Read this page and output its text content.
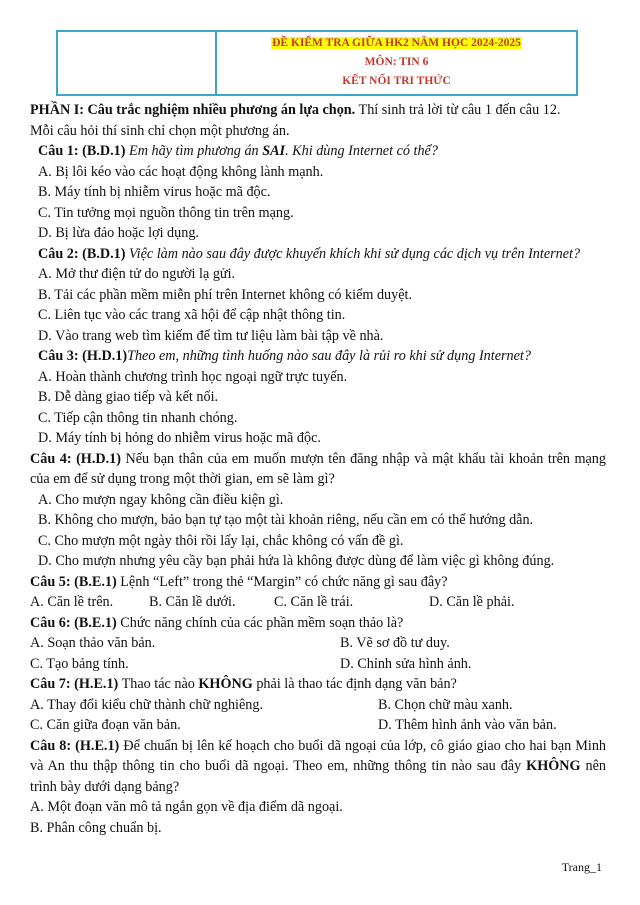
ĐỀ KIỂM TRA GIỮA HK2 NĂM HỌC 2024-2025
MÔN: TIN 6
KẾT NỐI TRI THỨC
PHẦN I: Câu trắc nghiệm nhiều phương án lựa chọn. Thí sinh trả lời từ câu 1 đến câu 12.
Mỗi câu hỏi thí sinh chỉ chọn một phương án.
Câu 1: (B.D.1) Em hãy tìm phương án SAI. Khi dùng Internet có thể?
A. Bị lôi kéo vào các hoạt động không lành mạnh.
B. Máy tính bị nhiễm virus hoặc mã độc.
C. Tin tưởng mọi nguồn thông tin trên mạng.
D. Bị lừa đảo hoặc lợi dụng.
Câu 2: (B.D.1) Việc làm nào sau đây được khuyến khích khi sử dụng các dịch vụ trên Internet?
A. Mở thư điện tử do người lạ gửi.
B. Tải các phần mềm miễn phí trên Internet không có kiểm duyệt.
C. Liên tục vào các trang xã hội để cập nhật thông tin.
D. Vào trang web tìm kiếm để tìm tư liệu làm bài tập về nhà.
Câu 3: (H.D.1)Theo em, những tình huống nào sau đây là rủi ro khi sử dụng Internet?
A. Hoàn thành chương trình học ngoại ngữ trực tuyến.
B. Dễ dàng giao tiếp và kết nối.
C. Tiếp cận thông tin nhanh chóng.
D. Máy tính bị hỏng do nhiễm virus hoặc mã độc.
Câu 4: (H.D.1) Nếu bạn thân của em muốn mượn tên đăng nhập và mật khẩu tài khoản trên mạng của em để sử dụng trong một thời gian, em sẽ làm gì?
A. Cho mượn ngay không cần điều kiện gì.
B. Không cho mượn, bảo bạn tự tạo một tài khoản riêng, nếu cần em có thể hướng dẫn.
C. Cho mượn một ngày thôi rồi lấy lại, chắc không có vấn đề gì.
D. Cho mượn nhưng yêu cầy bạn phải hứa là không được dùng để làm việc gì không đúng.
Câu 5: (B.E.1) Lệnh “Left” trong thẻ “Margin” có chức năng gì sau đây?
A. Căn lề trên.	B. Căn lề dưới.	C. Căn lề trái.	D. Căn lề phải.
Câu 6: (B.E.1) Chức năng chính của các phần mềm soạn thảo là?
A. Soạn thảo văn bản.	B. Vẽ sơ đồ tư duy.
C. Tạo bảng tính.	D. Chỉnh sửa hình ảnh.
Câu 7: (H.E.1) Thao tác nào KHÔNG phải là thao tác định dạng văn bản?
A. Thay đổi kiểu chữ thành chữ nghiêng.	B. Chọn chữ màu xanh.
C. Căn giữa đoạn văn bản.	D. Thêm hình ảnh vào văn bản.
Câu 8: (H.E.1) Để chuẩn bị lên kế hoạch cho buổi dã ngoại của lớp, cô giáo giao cho hai bạn Minh và An thu thập thông tin cho buổi dã ngoại. Theo em, những thông tin nào sau đây KHÔNG nên trình bày dưới dạng bảng?
A. Một đoạn văn mô tả ngắn gọn về địa điểm dã ngoại.
B. Phân công chuẩn bị.
Trang_1
